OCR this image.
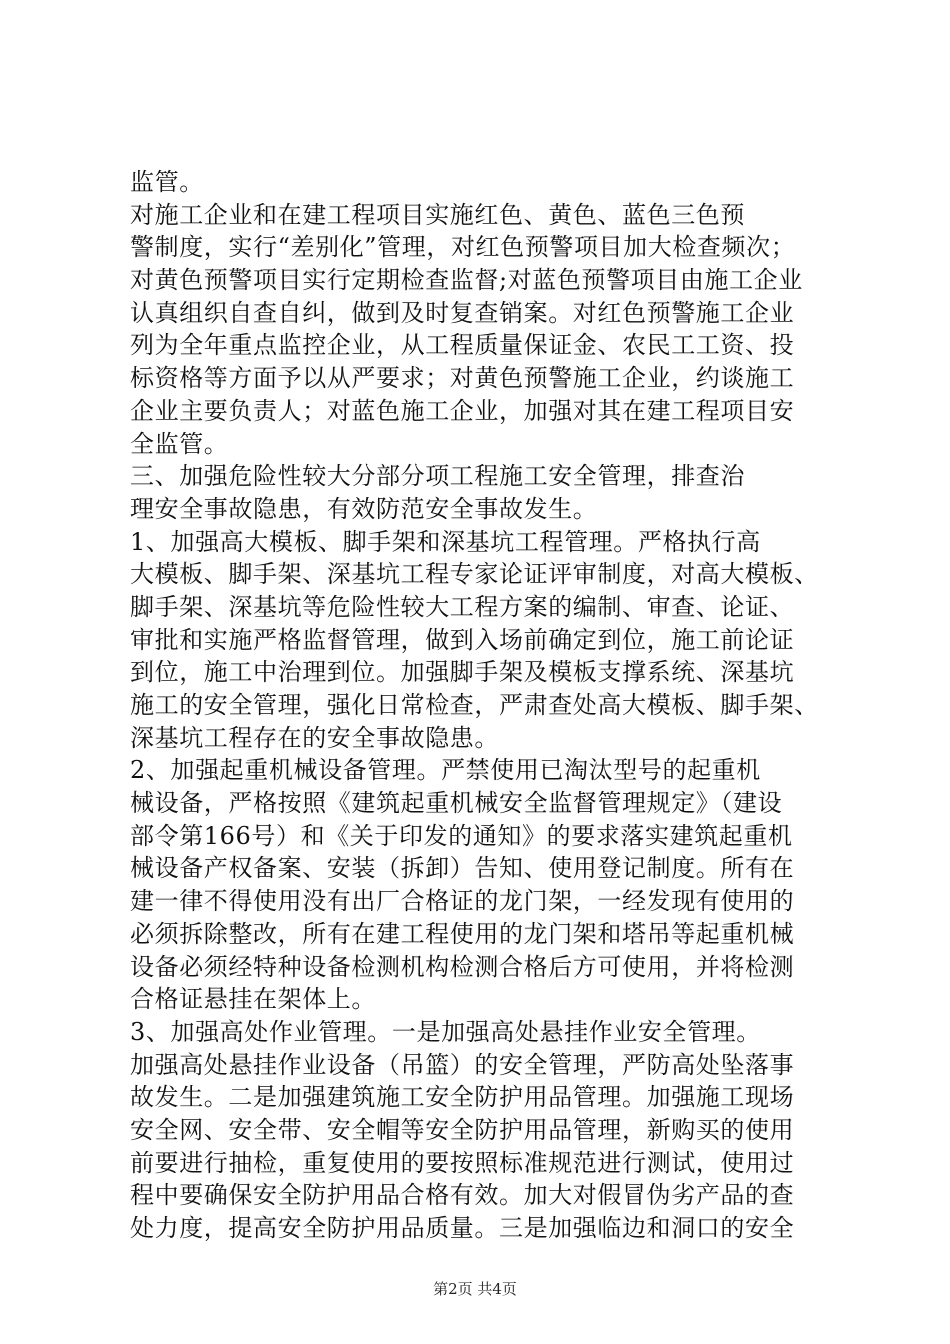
监管。
对施工企业和在建工程项目实施红色、黄色、蓝色三色预
警制度，实行“差别化”管理，对红色预警项目加大检查频次；
对黄色预警项目实行定期检查监督;对蓝色预警项目由施工企业
认真组织自查自纠，做到及时复查销案。对红色预警施工企业
列为全年重点监控企业，从工程质量保证金、农民工工资、投
标资格等方面予以从严要求；对黄色预警施工企业，约谈施工
企业主要负责人；对蓝色施工企业，加强对其在建工程项目安
全监管。
三、加强危险性较大分部分项工程施工安全管理，排查治
理安全事故隐患，有效防范安全事故发生。
1、加强高大模板、脚手架和深基坑工程管理。严格执行高
大模板、脚手架、深基坑工程专家论证评审制度，对高大模板、
脚手架、深基坑等危险性较大工程方案的编制、审查、论证、
审批和实施严格监督管理，做到入场前确定到位，施工前论证
到位，施工中治理到位。加强脚手架及模板支撑系统、深基坑
施工的安全管理，强化日常检查，严肃查处高大模板、脚手架、
深基坑工程存在的安全事故隐患。
2、加强起重机械设备管理。严禁使用已淘汰型号的起重机
械设备，严格按照《建筑起重机械安全监督管理规定》（建设
部令第166号）和《关于印发的通知》的要求落实建筑起重机
械设备产权备案、安装（拆卸）告知、使用登记制度。所有在
建一律不得使用没有出厂合格证的龙门架，一经发现有使用的
必须拆除整改，所有在建工程使用的龙门架和塔吊等起重机械
设备必须经特种设备检测机构检测合格后方可使用，并将检测
合格证悬挂在架体上。
3、加强高处作业管理。一是加强高处悬挂作业安全管理。
加强高处悬挂作业设备（吊篮）的安全管理，严防高处坠落事
故发生。二是加强建筑施工安全防护用品管理。加强施工现场
安全网、安全带、安全帽等安全防护用品管理，新购买的使用
前要进行抽检，重复使用的要按照标准规范进行测试，使用过
程中要确保安全防护用品合格有效。加大对假冒伪劣产品的查
处力度，提高安全防护用品质量。三是加强临边和洞口的安全
第2页 共4页
